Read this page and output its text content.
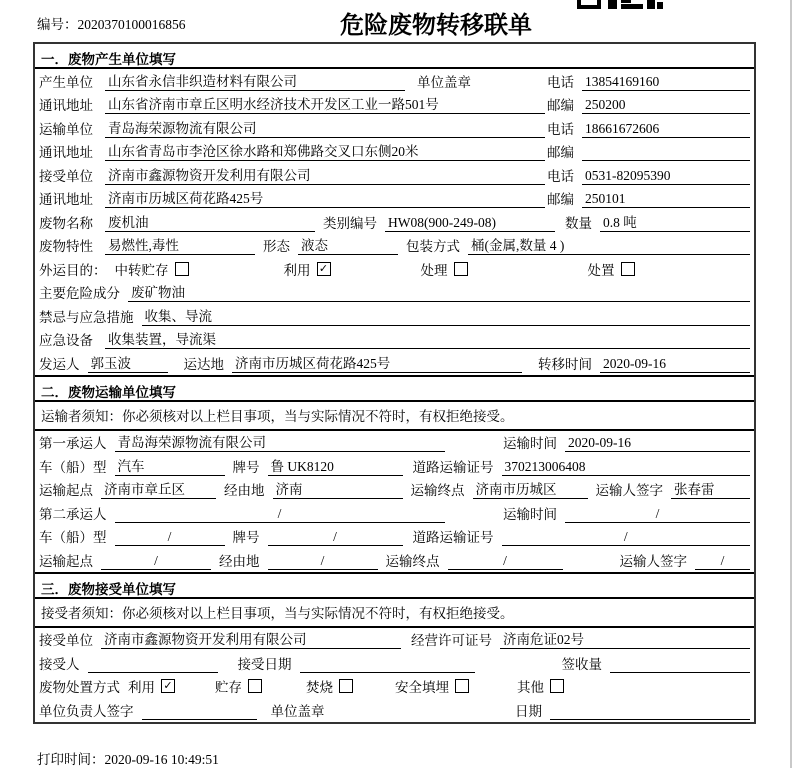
编号：2020370100016856	危险废物转移联单
一．废物产生单位填写
产生单位 山东省永信非织造材料有限公司	单位盖章	电话 13854169160
通讯地址 山东省济南市章丘区明水经济技术开发区工业一路501号	邮编 250200
运输单位 青岛海荣源物流有限公司	电话 18661672606
通讯地址 山东省青岛市李沧区徐水路和郑佛路交叉口东侧20米	邮编
接受单位 济南市鑫源物资开发利用有限公司	电话 0531-82095390
通讯地址 济南市历城区荷花路425号	邮编 250101
废物名称 废机油	类别编号 HW08(900-249-08)	数量 0.8 吨
废物特性 易燃性,毒性	形态 液态	包装方式 桶(金属,数量 4 )
外运目的： 中转贮存	利用 ✓	处理	处置
主要危险成分 废矿物油
禁忌与应急措施 收集、导流
应急设备 收集装置，导流渠
发运人 郭玉波	运达地 济南市历城区荷花路425号	转移时间 2020-09-16
二．废物运输单位填写
运输者须知：你必须核对以上栏目事项，当与实际情况不符时，有权拒绝接受。
第一承运人 青岛海荣源物流有限公司	运输时间 2020-09-16
车（船）型 汽车	牌号 鲁 UK8120	道路运输证号 370213006408
运输起点 济南市章丘区	经由地 济南	运输终点 济南市历城区	运输人签字 张春雷
第二承运人	/	运输时间	/
车（船）型	/	牌号	/	道路运输证号	/
运输起点	/	经由地	/	运输终点	/	运输人签字	/
三．废物接受单位填写
接受者须知：你必须核对以上栏目事项，当与实际情况不符时，有权拒绝接受。
接受单位 济南市鑫源物资开发利用有限公司	经营许可证号 济南危证02号
接受人	接受日期	签收量
废物处置方式 利用 ✓	贮存	焚烧	安全填埋	其他
单位负责人签字	单位盖章	日期
打印时间：2020-09-16 10:49:51
